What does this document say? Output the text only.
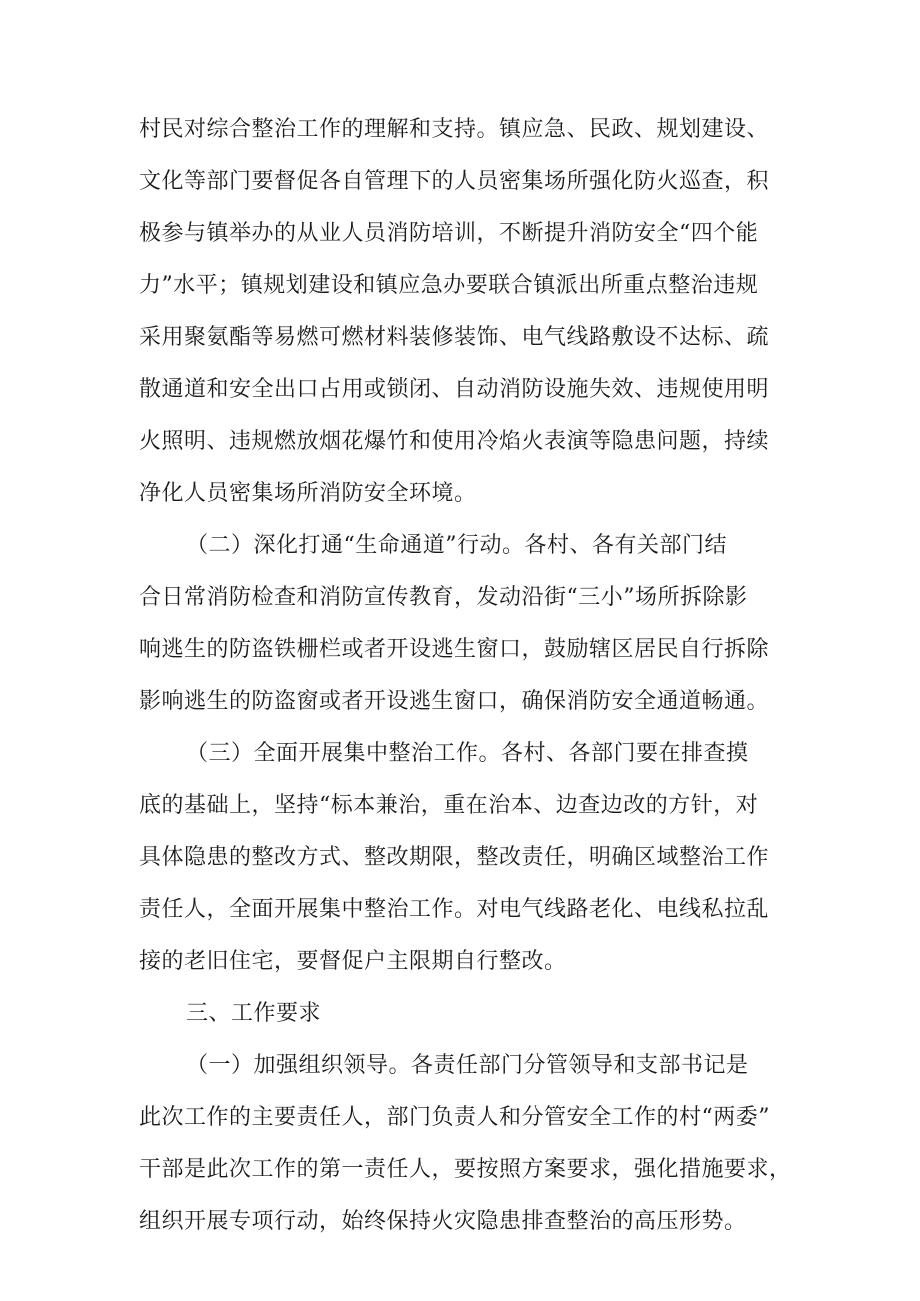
村民对综合整治工作的理解和支持。镇应急、民政、规划建设、
文化等部门要督促各自管理下的人员密集场所强化防火巡查，积
极参与镇举办的从业人员消防培训，不断提升消防安全“四个能
力”水平；镇规划建设和镇应急办要联合镇派出所重点整治违规
采用聚氨酯等易燃可燃材料装修装饰、电气线路敷设不达标、疏
散通道和安全出口占用或锁闭、自动消防设施失效、违规使用明
火照明、违规燃放烟花爆竹和使用冷焰火表演等隐患问题，持续
净化人员密集场所消防安全环境。
（二）深化打通“生命通道”行动。各村、各有关部门结
合日常消防检查和消防宣传教育，发动沿街“三小”场所拆除影
响逃生的防盗铁栅栏或者开设逃生窗口，鼓励辖区居民自行拆除
影响逃生的防盗窗或者开设逃生窗口，确保消防安全通道畅通。
（三）全面开展集中整治工作。各村、各部门要在排查摸
底的基础上，坚持“标本兼治，重在治本、边查边改的方针，对
具体隐患的整改方式、整改期限，整改责任，明确区域整治工作
责任人，全面开展集中整治工作。对电气线路老化、电线私拉乱
接的老旧住宅，要督促户主限期自行整改。
三、工作要求
（一）加强组织领导。各责任部门分管领导和支部书记是
此次工作的主要责任人，部门负责人和分管安全工作的村“两委”
干部是此次工作的第一责任人，要按照方案要求，强化措施要求，
组织开展专项行动，始终保持火灾隐患排查整治的高压形势。
